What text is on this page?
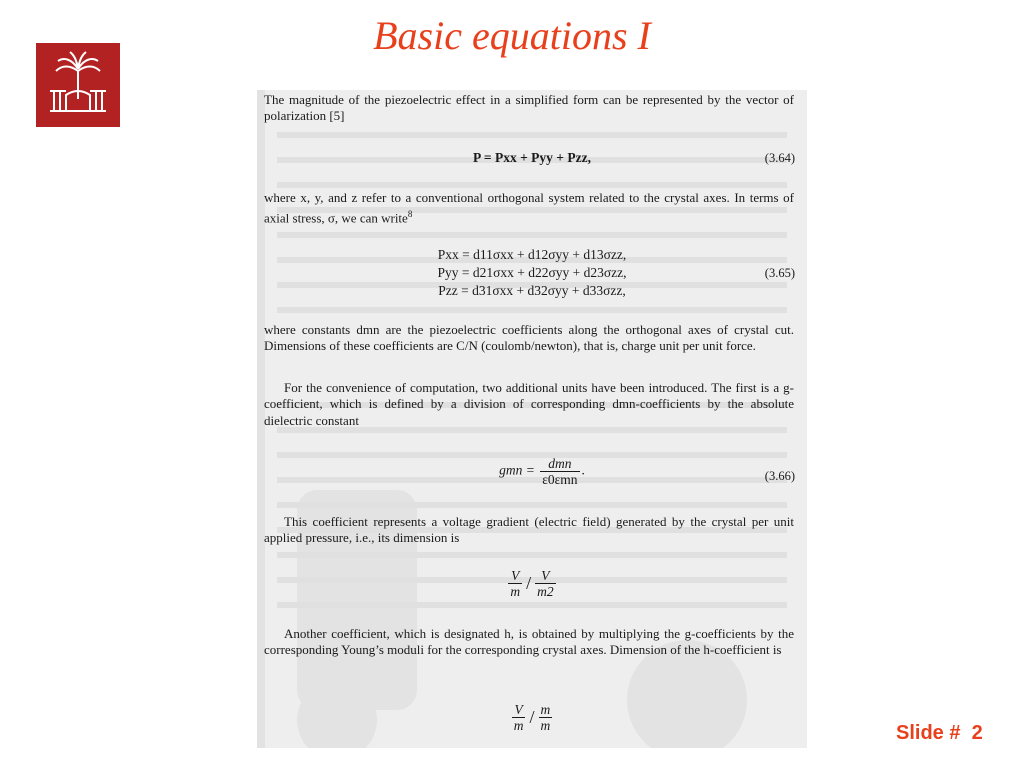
Basic equations I
The magnitude of the piezoelectric effect in a simplified form can be represented by the vector of polarization [5]
P = Pxx + Pyy + Pzz,	(3.64)
where x, y, and z refer to a conventional orthogonal system related to the crystal axes. In terms of axial stress, σ, we can write$^8$
Pxx = d11σxx + d12σyy + d13σzz,
Pyy = d21σxx + d22σyy + d23σzz,	(3.65)
Pzz = d31σxx + d32σyy + d33σzz,
where constants dmn are the piezoelectric coefficients along the orthogonal axes of crystal cut. Dimensions of these coefficients are C/N (coulomb/newton), that is, charge unit per unit force.
For the convenience of computation, two additional units have been introduced. The first is a g-coefficient, which is defined by a division of corresponding dmn-coefficients by the absolute dielectric constant
gmn = $\frac{\text{dmn}}{\text{ε0εmn}}$ .	(3.66)
This coefficient represents a voltage gradient (electric field) generated by the crystal per unit applied pressure, i.e., its dimension is
$\frac{V}{m} / \frac{V}{m2}$
Another coefficient, which is designated h, is obtained by multiplying the g-coefficients by the corresponding Young’s moduli for the corresponding crystal axes. Dimension of the h-coefficient is
$\frac{V}{m} / \frac{m}{m}$	Slide # 2
